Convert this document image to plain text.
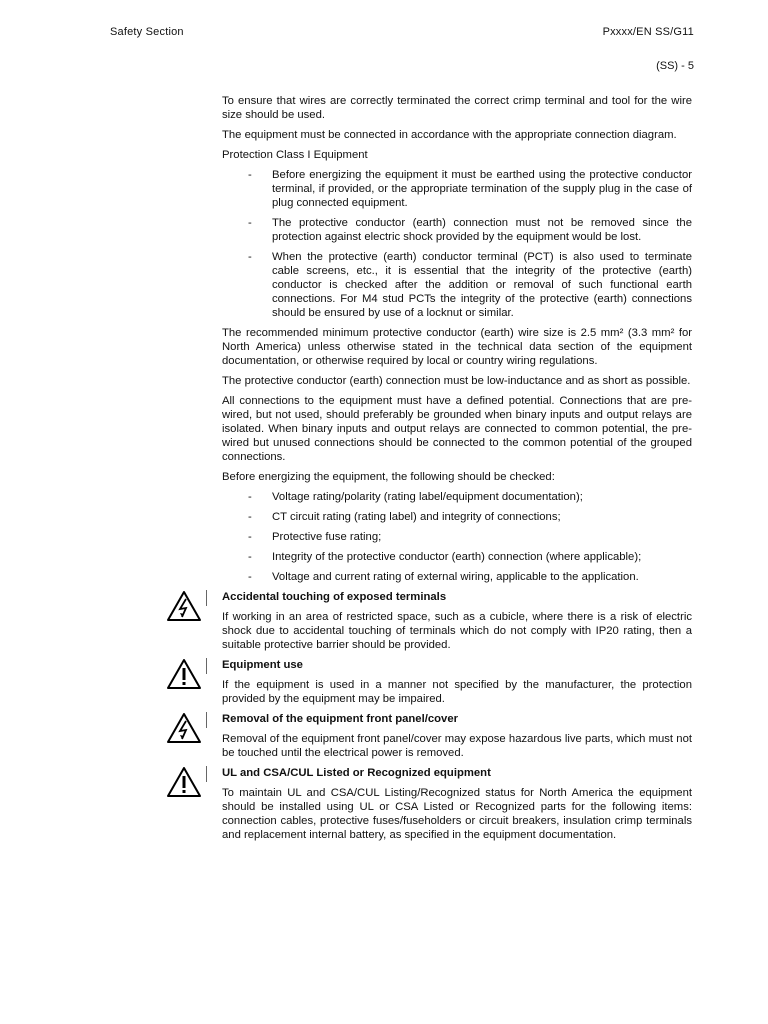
Safety Section	Pxxxx/EN SS/G11
(SS) - 5

To ensure that wires are correctly terminated the correct crimp terminal and tool for the wire size should be used.

The equipment must be connected in accordance with the appropriate connection diagram.

Protection Class I Equipment

- Before energizing the equipment it must be earthed using the protective conductor terminal, if provided, or the appropriate termination of the supply plug in the case of plug connected equipment.
- The protective conductor (earth) connection must not be removed since the protection against electric shock provided by the equipment would be lost.
- When the protective (earth) conductor terminal (PCT) is also used to terminate cable screens, etc., it is essential that the integrity of the protective (earth) conductor is checked after the addition or removal of such functional earth connections. For M4 stud PCTs the integrity of the protective (earth) connections should be ensured by use of a locknut or similar.

The recommended minimum protective conductor (earth) wire size is 2.5 mm² (3.3 mm² for North America) unless otherwise stated in the technical data section of the equipment documentation, or otherwise required by local or country wiring regulations.

The protective conductor (earth) connection must be low-inductance and as short as possible.

All connections to the equipment must have a defined potential. Connections that are pre-wired, but not used, should preferably be grounded when binary inputs and output relays are isolated. When binary inputs and output relays are connected to common potential, the pre-wired but unused connections should be connected to the common potential of the grouped connections.

Before energizing the equipment, the following should be checked:

- Voltage rating/polarity (rating label/equipment documentation);
- CT circuit rating (rating label) and integrity of connections;
- Protective fuse rating;
- Integrity of the protective conductor (earth) connection (where applicable);
- Voltage and current rating of external wiring, applicable to the application.
Accidental touching of exposed terminals

If working in an area of restricted space, such as a cubicle, where there is a risk of electric shock due to accidental touching of terminals which do not comply with IP20 rating, then a suitable protective barrier should be provided.

Equipment use

If the equipment is used in a manner not specified by the manufacturer, the protection provided by the equipment may be impaired.

Removal of the equipment front panel/cover

Removal of the equipment front panel/cover may expose hazardous live parts, which must not be touched until the electrical power is removed.

UL and CSA/CUL Listed or Recognized equipment

To maintain UL and CSA/CUL Listing/Recognized status for North America the equipment should be installed using UL or CSA Listed or Recognized parts for the following items: connection cables, protective fuses/fuseholders or circuit breakers, insulation crimp terminals and replacement internal battery, as specified in the equipment documentation.
